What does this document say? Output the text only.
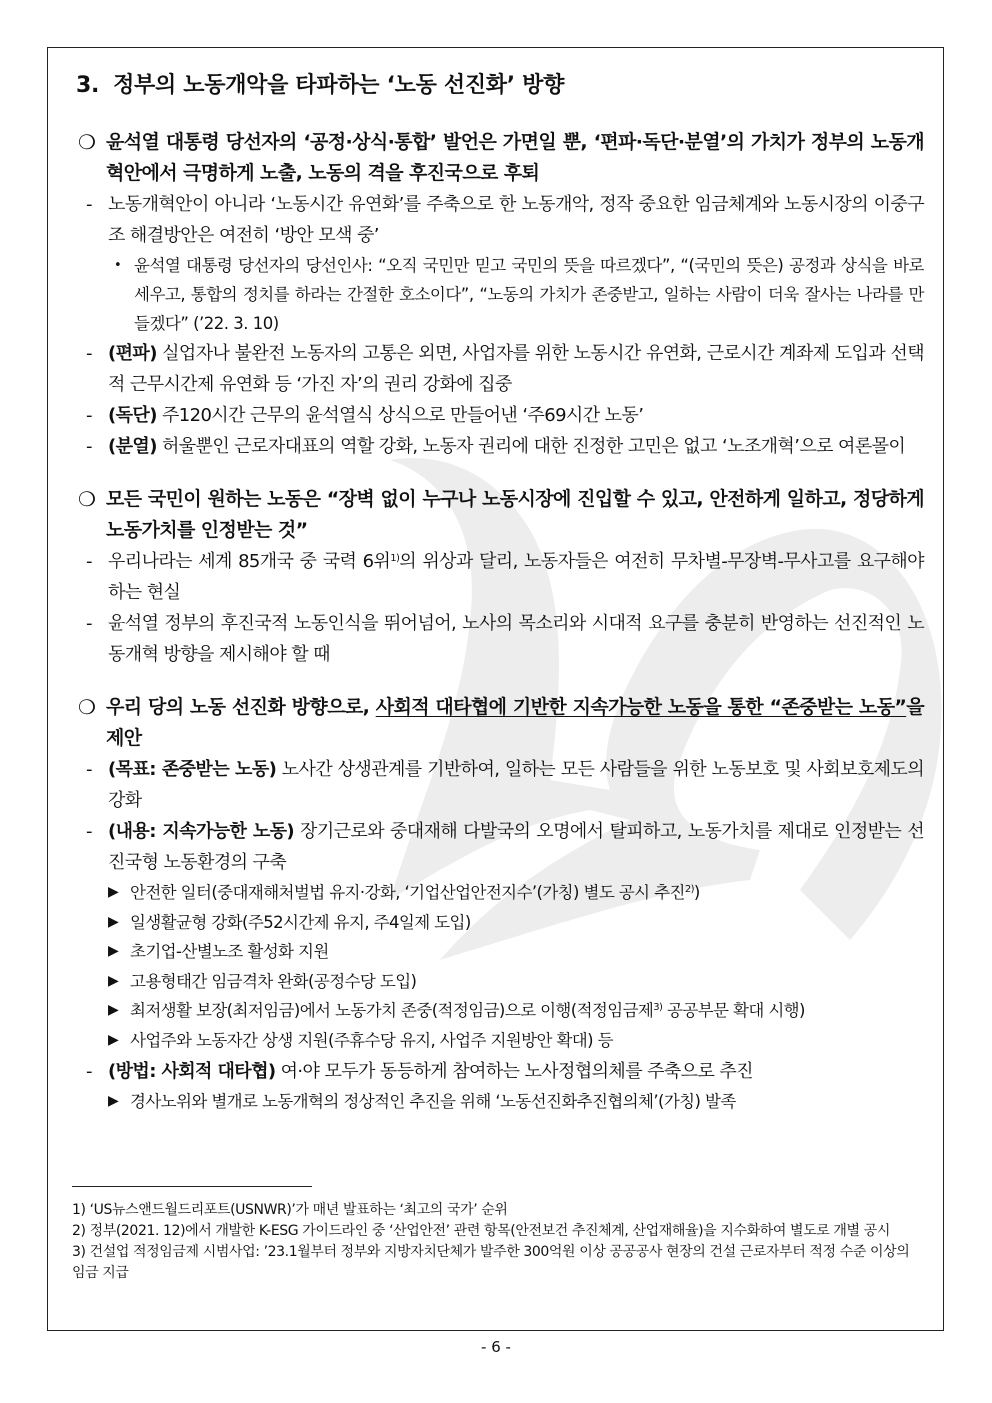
3. 정부의 노동개악을 타파하는 ‘노동 선진화’ 방향
❍ 윤석열 대통령 당선자의 ‘공정·상식·통합’ 발언은 가면일 뿐, ‘편파·독단·분열’의 가치가 정부의 노동개혁안에서 극명하게 노출, 노동의 격을 후진국으로 후퇴
- 노동개혁안이 아니라 ‘노동시간 유연화’를 주축으로 한 노동개악, 정작 중요한 임금체계와 노동시장의 이중구조 해결방안은 여전히 ‘방안 모색 중’
• 윤석열 대통령 당선자의 당선인사: “오직 국민만 믿고 국민의 뜻을 따르겠다”, “(국민의 뜻은) 공정과 상식을 바로 세우고, 통합의 정치를 하라는 간절한 호소이다”, “노동의 가치가 존중받고, 일하는 사람이 더욱 잘사는 나라를 만들겠다” (’22. 3. 10)
- (편파) 실업자나 불완전 노동자의 고통은 외면, 사업자를 위한 노동시간 유연화, 근로시간 계좌제 도입과 선택적 근무시간제 유연화 등 ‘가진 자’의 권리 강화에 집중
- (독단) 주120시간 근무의 윤석열식 상식으로 만들어낸 ‘주69시간 노동’
- (분열) 허울뿐인 근로자대표의 역할 강화, 노동자 권리에 대한 진정한 고민은 없고 ‘노조개혁’으로 여론몰이
❍ 모든 국민이 원하는 노동은 “장벽 없이 누구나 노동시장에 진입할 수 있고, 안전하게 일하고, 정당하게 노동가치를 인정받는 것”
- 우리나라는 세계 85개국 중 국력 6위$^{1)}$의 위상과 달리, 노동자들은 여전히 무차별-무장벽-무사고를 요구해야 하는 현실
- 윤석열 정부의 후진국적 노동인식을 뛰어넘어, 노사의 목소리와 시대적 요구를 충분히 반영하는 선진적인 노동개혁 방향을 제시해야 할 때
❍ 우리 당의 노동 선진화 방향으로, 사회적 대타협에 기반한 지속가능한 노동을 통한 “존중받는 노동”을 제안
- (목표: 존중받는 노동) 노사간 상생관계를 기반하여, 일하는 모든 사람들을 위한 노동보호 및 사회보호제도의 강화
- (내용: 지속가능한 노동) 장기근로와 중대재해 다발국의 오명에서 탈피하고, 노동가치를 제대로 인정받는 선진국형 노동환경의 구축
▶ 안전한 일터(중대재해처벌법 유지·강화, ‘기업산업안전지수’(가칭) 별도 공시 추진$^{2)}$)
▶ 일생활균형 강화(주52시간제 유지, 주4일제 도입)
▶ 초기업-산별노조 활성화 지원
▶ 고용형태간 임금격차 완화(공정수당 도입)
▶ 최저생활 보장(최저임금)에서 노동가치 존중(적정임금)으로 이행(적정임금제$^{3)}$ 공공부문 확대 시행)
▶ 사업주와 노동자간 상생 지원(주휴수당 유지, 사업주 지원방안 확대) 등
- (방법: 사회적 대타협) 여·야 모두가 동등하게 참여하는 노사정협의체를 주축으로 추진
▶ 경사노위와 별개로 노동개혁의 정상적인 추진을 위해 ‘노동선진화추진협의체’(가칭) 발족
1) ‘US뉴스앤드월드리포트(USNWR)’가 매년 발표하는 ‘최고의 국가’ 순위
2) 정부(2021. 12)에서 개발한 K-ESG 가이드라인 중 ‘산업안전’ 관련 항목(안전보건 추진체계, 산업재해율)을 지수화하여 별도로 개별 공시
3) 건설업 적정임금제 시범사업: ’23.1월부터 정부와 지방자치단체가 발주한 300억원 이상 공공공사 현장의 건설 근로자부터 적정 수준 이상의 임금 지급
- 6 -
